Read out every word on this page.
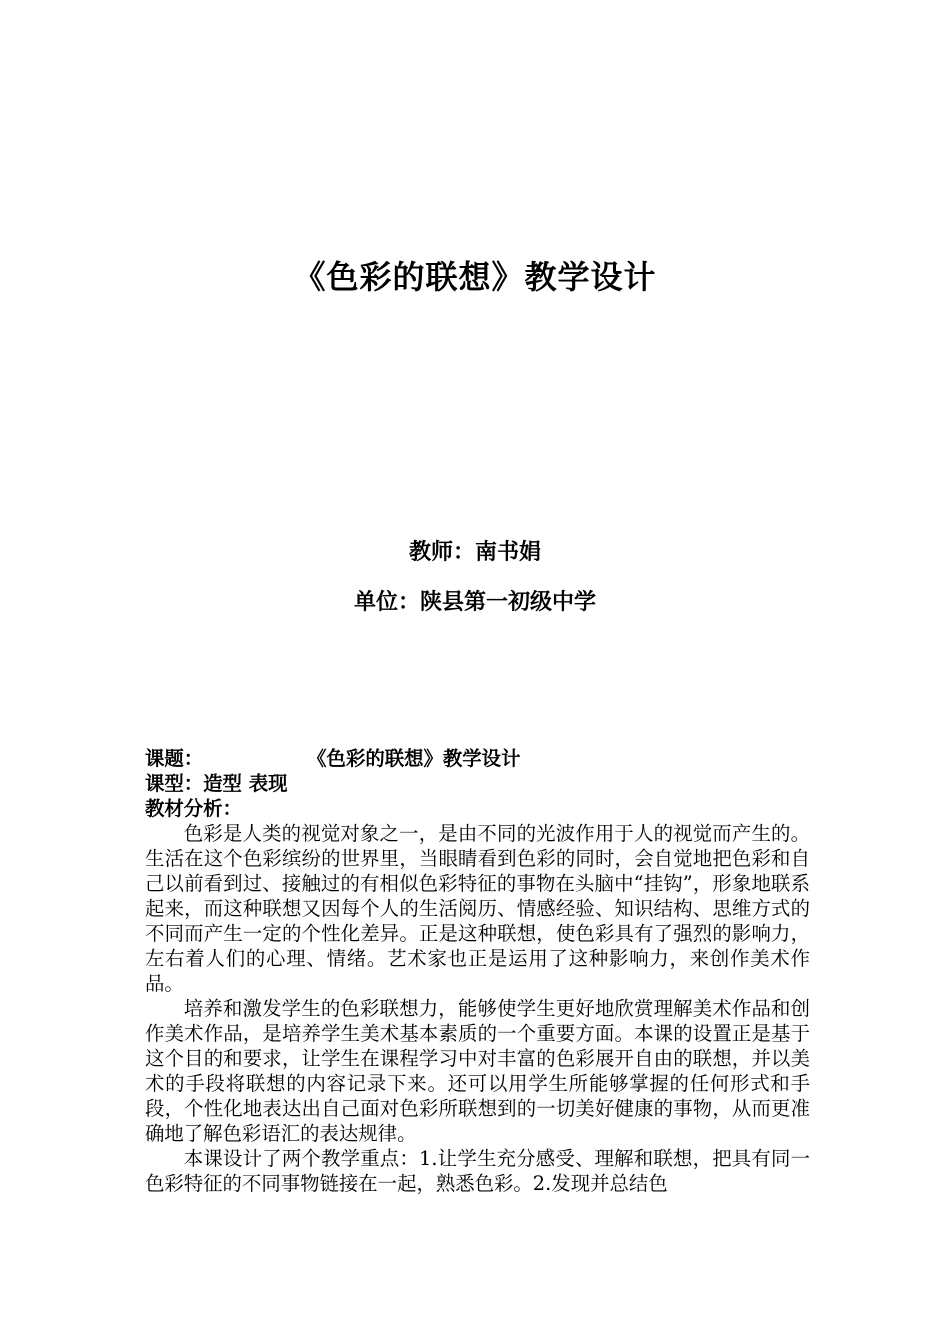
《色彩的联想》教学设计
教师：南书娟
单位：陕县第一初级中学
课题：	《色彩的联想》教学设计
课型：造型 表现
教材分析：

色彩是人类的视觉对象之一，是由不同的光波作用于人的视觉而产生的。生活在这个色彩缤纷的世界里，当眼睛看到色彩的同时，会自觉地把色彩和自己以前看到过、接触过的有相似色彩特征的事物在头脑中“挂钩”，形象地联系起来，而这种联想又因每个人的生活阅历、情感经验、知识结构、思维方式的不同而产生一定的个性化差异。正是这种联想，使色彩具有了强烈的影响力，左右着人们的心理、情绪。艺术家也正是运用了这种影响力，来创作美术作品。

培养和激发学生的色彩联想力，能够使学生更好地欣赏理解美术作品和创作美术作品，是培养学生美术基本素质的一个重要方面。本课的设置正是基于这个目的和要求，让学生在课程学习中对丰富的色彩展开自由的联想，并以美术的手段将联想的内容记录下来。还可以用学生所能够掌握的任何形式和手段，个性化地表达出自己面对色彩所联想到的一切美好健康的事物，从而更准确地了解色彩语汇的表达规律。

本课设计了两个教学重点：1.让学生充分感受、理解和联想，把具有同一色彩特征的不同事物链接在一起，熟悉色彩。2.发现并总结色
